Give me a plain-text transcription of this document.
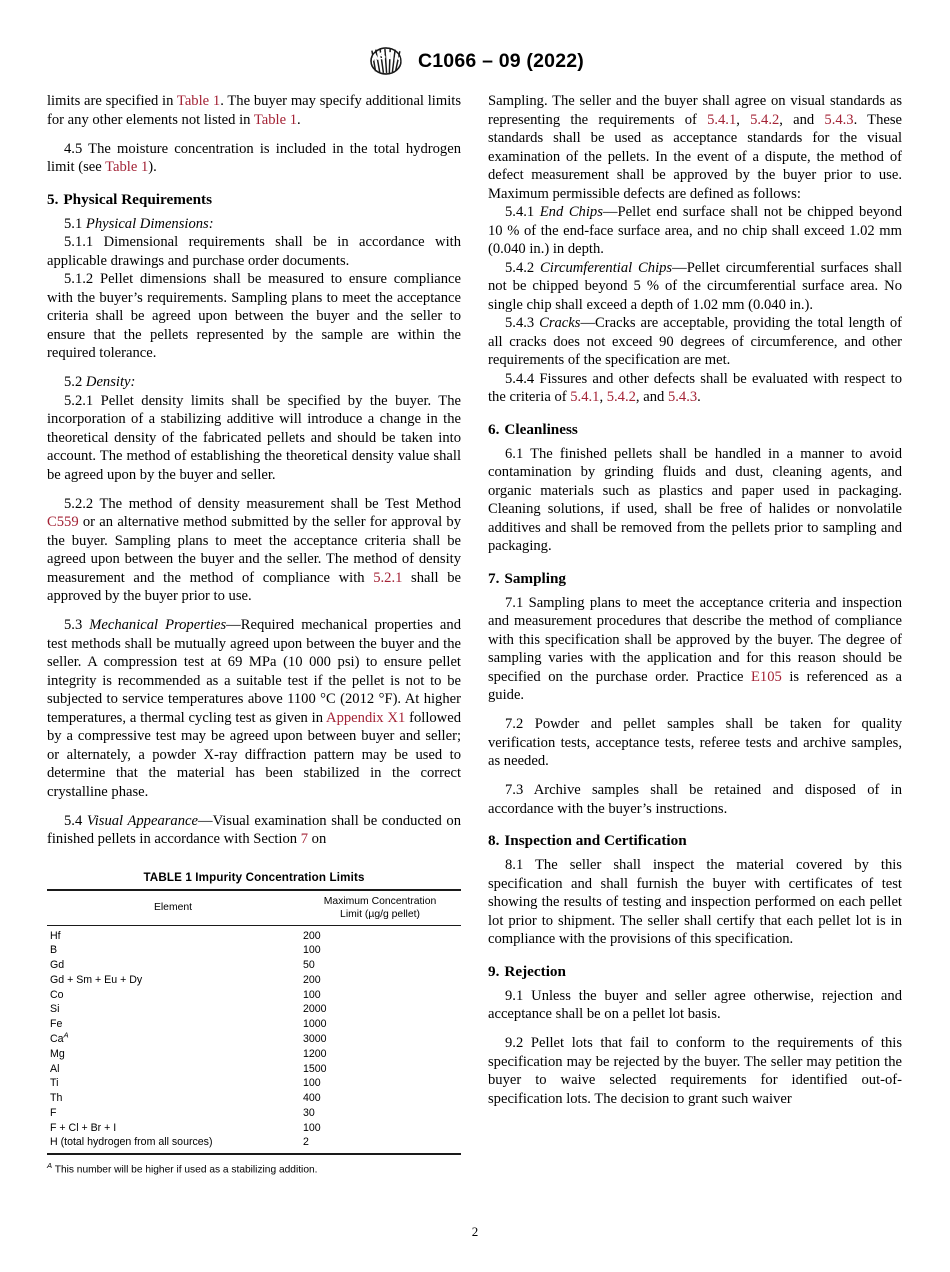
A
S T M C1066 – 09 (2022)

limits are specified in Table 1. The buyer may specify additional limits for any other elements not listed in Table 1.

4.5 The moisture concentration is included in the total hydrogen limit (see Table 1).

5. Physical Requirements

5.1 Physical Dimensions:

5.1.1 Dimensional requirements shall be in accordance with applicable drawings and purchase order documents.

5.1.2 Pellet dimensions shall be measured to ensure compliance with the buyer’s requirements. Sampling plans to meet the acceptance criteria shall be agreed upon between the buyer and the seller to ensure that the pellets represented by the sample are within the required tolerance.

5.2 Density:

5.2.1 Pellet density limits shall be specified by the buyer. The incorporation of a stabilizing additive will introduce a change in the theoretical density of the fabricated pellets and should be taken into account. The method of establishing the theoretical density value shall be agreed upon by the buyer and seller.

5.2.2 The method of density measurement shall be Test Method C559 or an alternative method submitted by the seller for approval by the buyer. Sampling plans to meet the acceptance criteria shall be agreed upon between the buyer and the seller. The method of density measurement and the method of compliance with 5.2.1 shall be approved by the buyer prior to use.

5.3 Mechanical Properties—Required mechanical properties and test methods shall be mutually agreed upon between the buyer and the seller. A compression test at 69 MPa (10 000 psi) to ensure pellet integrity is recommended as a suitable test if the pellet is not to be subjected to service temperatures above 1100 °C (2012 °F). At higher temperatures, a thermal cycling test as given in Appendix X1 followed by a compressive test may be agreed upon between buyer and seller; or alternately, a powder X-ray diffraction pattern may be used to determine that the material has been stabilized in the correct crystalline phase.

5.4 Visual Appearance—Visual examination shall be conducted on finished pellets in accordance with Section 7 on

TABLE 1 Impurity Concentration Limits
Element	Maximum Concentration
Limit (µg/g pellet)
Hf	200
B	100
Gd	50
Gd + Sm + Eu + Dy	200
Co	100
Si	2000
Fe	1000
Ca$^A$	3000
Mg	1200
Al	1500
Ti	100
Th	400
F	30
F + Cl + Br + I	100
H (total hydrogen from all sources)	2
$^A$ This number will be higher if used as a stabilizing addition.

Sampling. The seller and the buyer shall agree on visual standards as representing the requirements of 5.4.1, 5.4.2, and 5.4.3. These standards shall be used as acceptance standards for the visual examination of the pellets. In the event of a dispute, the method of defect measurement shall be approved by the buyer prior to use. Maximum permissible defects are defined as follows:

5.4.1 End Chips—Pellet end surface shall not be chipped beyond 10 % of the end-face surface area, and no chip shall exceed 1.02 mm (0.040 in.) in depth.

5.4.2 Circumferential Chips—Pellet circumferential surfaces shall not be chipped beyond 5 % of the circumferential surface area. No single chip shall exceed a depth of 1.02 mm (0.040 in.).

5.4.3 Cracks—Cracks are acceptable, providing the total length of all cracks does not exceed 90 degrees of circumference, and other requirements of the specification are met.

5.4.4 Fissures and other defects shall be evaluated with respect to the criteria of 5.4.1, 5.4.2, and 5.4.3.

6. Cleanliness

6.1 The finished pellets shall be handled in a manner to avoid contamination by grinding fluids and dust, cleaning agents, and organic materials such as plastics and paper used in packaging. Cleaning solutions, if used, shall be free of halides or nonvolatile additives and shall be removed from the pellets prior to sampling and packaging.

7. Sampling

7.1 Sampling plans to meet the acceptance criteria and inspection and measurement procedures that describe the method of compliance with this specification shall be approved by the buyer. The degree of sampling varies with the application and for this reason should be specified on the purchase order. Practice E105 is referenced as a guide.

7.2 Powder and pellet samples shall be taken for quality verification tests, acceptance tests, referee tests and archive samples, as needed.

7.3 Archive samples shall be retained and disposed of in accordance with the buyer’s instructions.

8. Inspection and Certification

8.1 The seller shall inspect the material covered by this specification and shall furnish the buyer with certificates of test showing the results of testing and inspection performed on each pellet lot prior to shipment. The seller shall certify that each pellet lot is in compliance with the provisions of this specification.

9. Rejection

9.1 Unless the buyer and seller agree otherwise, rejection and acceptance shall be on a pellet lot basis.

9.2 Pellet lots that fail to conform to the requirements of this specification may be rejected by the buyer. The seller may petition the buyer to waive selected requirements for identified out-of-specification lots. The decision to grant such waiver

2
